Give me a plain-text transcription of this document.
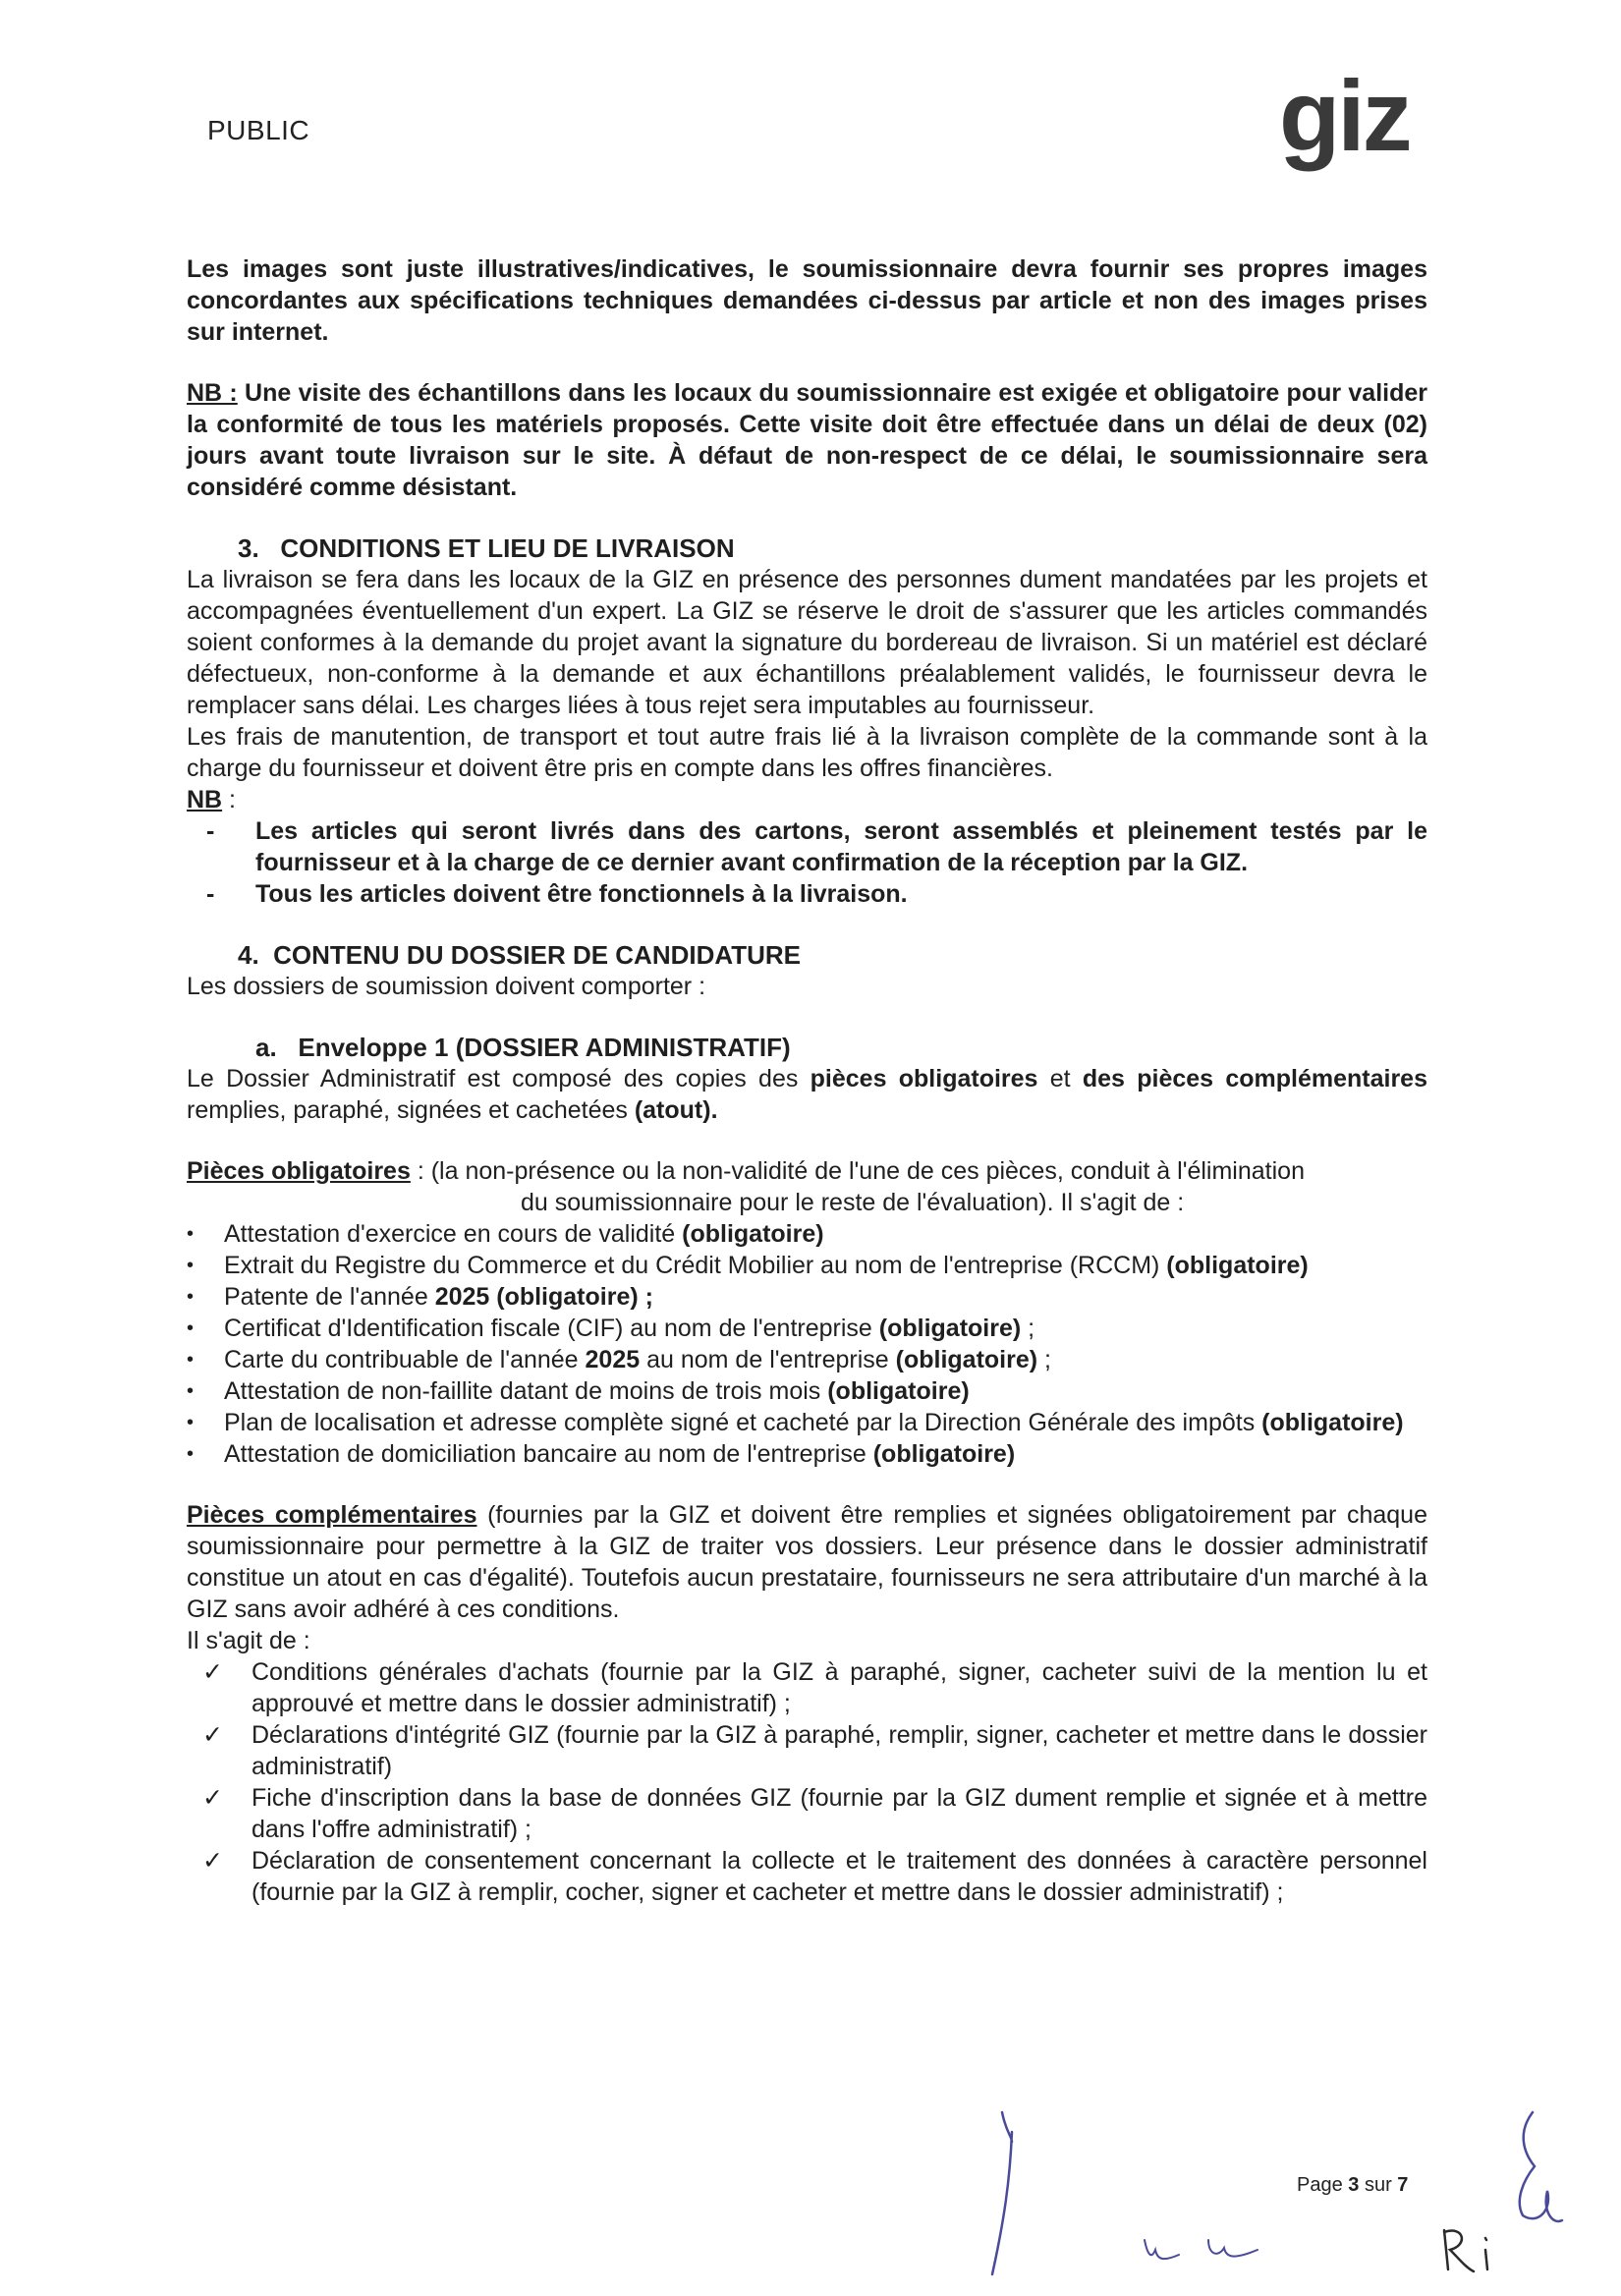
PUBLIC	giz

Les images sont juste illustratives/indicatives, le soumissionnaire devra fournir ses propres images concordantes aux spécifications techniques demandées ci-dessus par article et non des images prises sur internet.

NB : Une visite des échantillons dans les locaux du soumissionnaire est exigée et obligatoire pour valider la conformité de tous les matériels proposés. Cette visite doit être effectuée dans un délai de deux (02) jours avant toute livraison sur le site. À défaut de non-respect de ce délai, le soumissionnaire sera considéré comme désistant.

3. CONDITIONS ET LIEU DE LIVRAISON

La livraison se fera dans les locaux de la GIZ en présence des personnes dument mandatées par les projets et accompagnées éventuellement d'un expert. La GIZ se réserve le droit de s'assurer que les articles commandés soient conformes à la demande du projet avant la signature du bordereau de livraison. Si un matériel est déclaré défectueux, non-conforme à la demande et aux échantillons préalablement validés, le fournisseur devra le remplacer sans délai. Les charges liées à tous rejet sera imputables au fournisseur.

Les frais de manutention, de transport et tout autre frais lié à la livraison complète de la commande sont à la charge du fournisseur et doivent être pris en compte dans les offres financières.

NB :

- Les articles qui seront livrés dans des cartons, seront assemblés et pleinement testés par le fournisseur et à la charge de ce dernier avant confirmation de la réception par la GIZ.
- Tous les articles doivent être fonctionnels à la livraison.

4. CONTENU DU DOSSIER DE CANDIDATURE

Les dossiers de soumission doivent comporter :

a. Enveloppe 1 (DOSSIER ADMINISTRATIF)

Le Dossier Administratif est composé des copies des pièces obligatoires et des pièces complémentaires remplies, paraphé, signées et cachetées (atout).

Pièces obligatoires : (la non-présence ou la non-validité de l'une de ces pièces, conduit à l'élimination

du soumissionnaire pour le reste de l'évaluation). Il s'agit de :

• Attestation d'exercice en cours de validité (obligatoire)
• Extrait du Registre du Commerce et du Crédit Mobilier au nom de l'entreprise (RCCM) (obligatoire)
• Patente de l'année 2025 (obligatoire) ;
• Certificat d'Identification fiscale (CIF) au nom de l'entreprise (obligatoire) ;
• Carte du contribuable de l'année 2025 au nom de l'entreprise (obligatoire) ;
• Attestation de non-faillite datant de moins de trois mois (obligatoire)
• Plan de localisation et adresse complète signé et cacheté par la Direction Générale des impôts (obligatoire)
• Attestation de domiciliation bancaire au nom de l'entreprise (obligatoire)

Pièces complémentaires (fournies par la GIZ et doivent être remplies et signées obligatoirement par chaque soumissionnaire pour permettre à la GIZ de traiter vos dossiers. Leur présence dans le dossier administratif constitue un atout en cas d'égalité). Toutefois aucun prestataire, fournisseurs ne sera attributaire d'un marché à la GIZ sans avoir adhéré à ces conditions.

Il s'agit de :

✓ Conditions générales d'achats (fournie par la GIZ à paraphé, signer, cacheter suivi de la mention lu et approuvé et mettre dans le dossier administratif) ;
✓ Déclarations d'intégrité GIZ (fournie par la GIZ à paraphé, remplir, signer, cacheter et mettre dans le dossier administratif)
✓ Fiche d'inscription dans la base de données GIZ (fournie par la GIZ dument remplie et signée et à mettre dans l'offre administratif) ;
✓ Déclaration de consentement concernant la collecte et le traitement des données à caractère personnel (fournie par la GIZ à remplir, cocher, signer et cacheter et mettre dans le dossier administratif) ;
Page 3 sur 7
